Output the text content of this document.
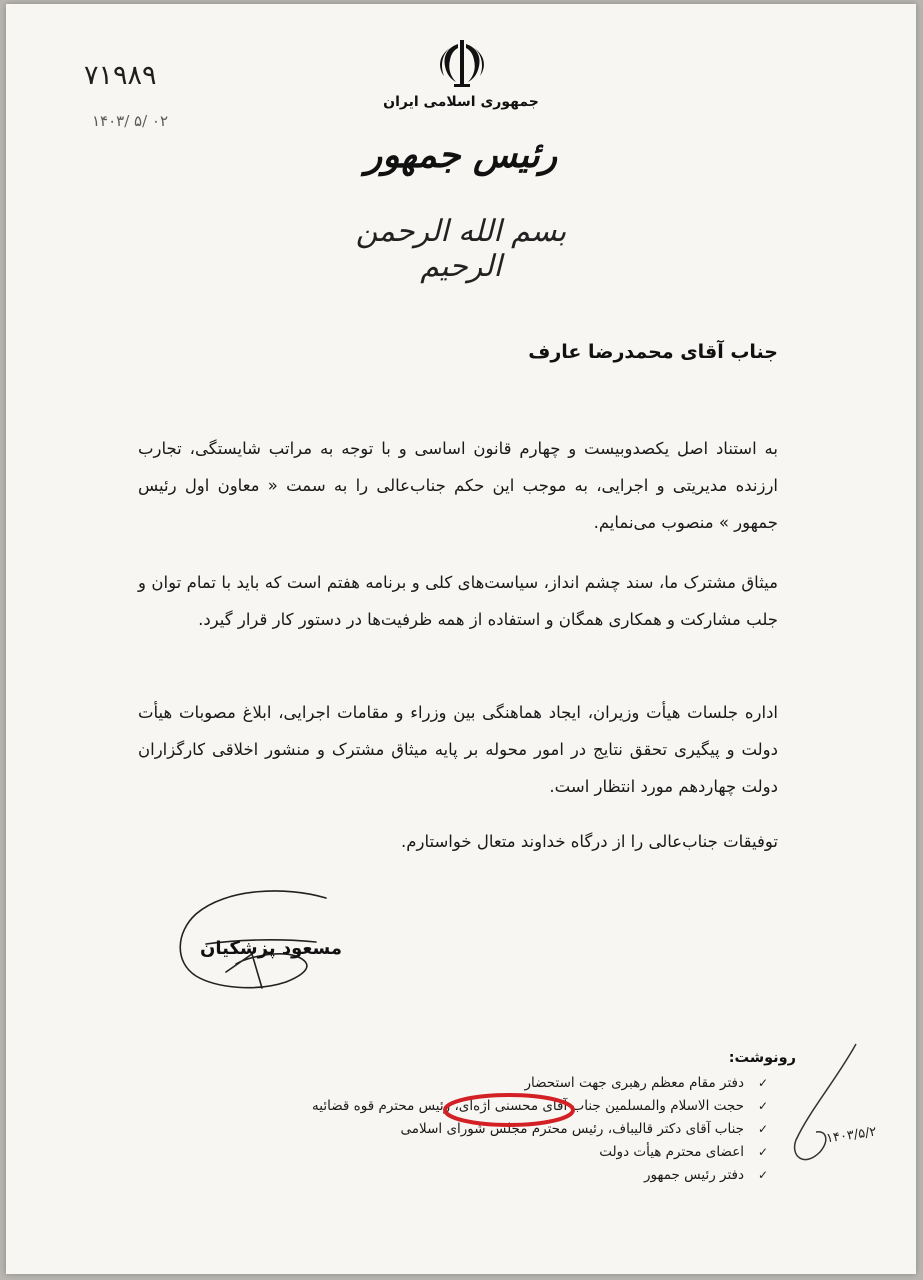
۷۱۹۸۹
۱۴۰۳/ ۵/ ۰۲
جمهوری اسلامی ایران
رئیس جمهور
بسم الله الرحمن الرحیم
جناب آقای محمدرضا عارف
به استناد اصل یکصدوبیست و چهارم قانون اساسی و با توجه به مراتب شایستگی، تجارب ارزنده مدیریتی و اجرایی، به موجب این حکم جناب‌عالی را به سمت « معاون اول رئیس جمهور » منصوب می‌نمایم.
میثاق مشترک ما، سند چشم انداز، سیاست‌های کلی و برنامه هفتم است که باید با تمام توان و جلب مشارکت و همکاری همگان و استفاده از همه ظرفیت‌ها در دستور کار قرار گیرد.
اداره جلسات هیأت وزیران، ایجاد هماهنگی بین وزراء و مقامات اجرایی، ابلاغ مصوبات هیأت دولت و پیگیری تحقق نتایج در امور محوله بر پایه میثاق مشترک و منشور اخلاقی کارگزاران دولت چهاردهم مورد انتظار است.
توفیقات جناب‌عالی را از درگاه خداوند متعال خواستارم.
مسعود پزشکیان
رونوشت:
✓
دفتر مقام معظم رهبری جهت استحضار
✓
حجت الاسلام والمسلمین جناب آقای محسنی اژه‌ای، رئیس محترم قوه قضائیه
✓
جناب آقای دکتر قالیباف، رئیس محترم مجلس شورای اسلامی
✓
اعضای محترم هیأت دولت
✓
دفتر رئیس جمهور
۱۴۰۳/۵/۲
